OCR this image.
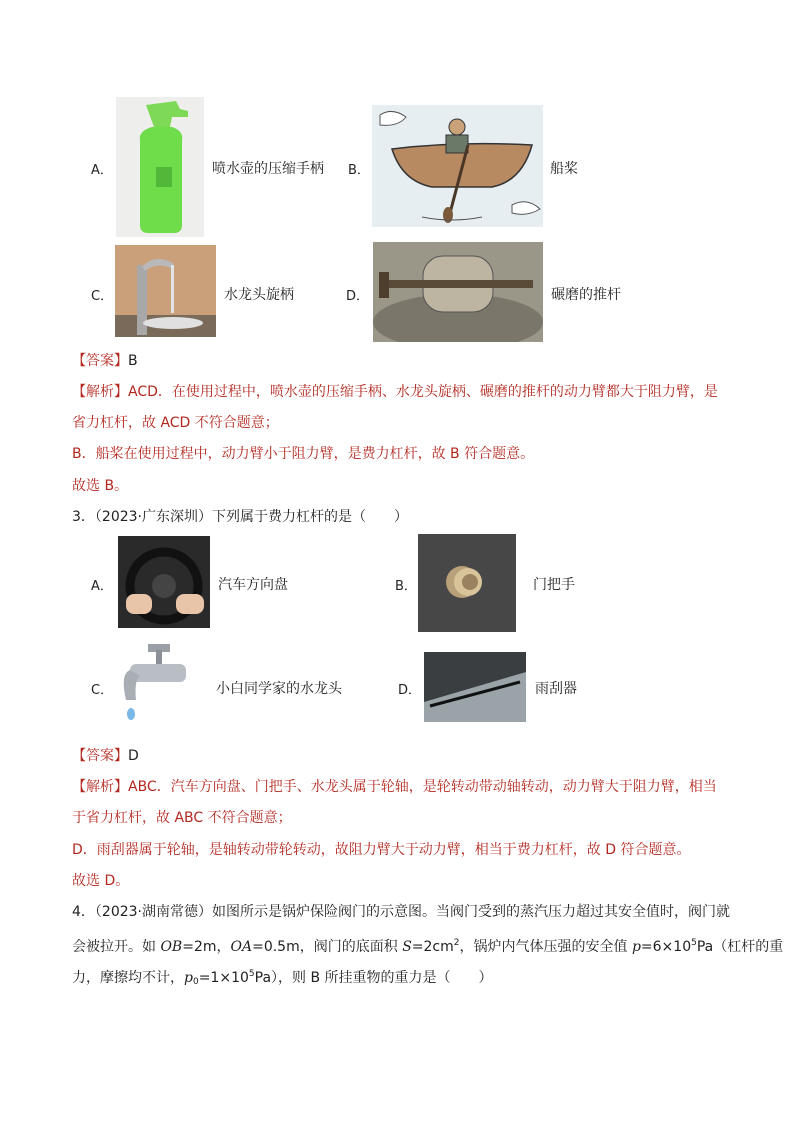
A．	喷水壶的压缩手柄 B．	船桨
C．	水龙头旋柄	D．	碾磨的推杆
【答案】B
【解析】ACD．在使用过程中，喷水壶的压缩手柄、水龙头旋柄、碾磨的推杆的动力臂都大于阻力臂，是
省力杠杆，故 ACD 不符合题意；
B．船桨在使用过程中，动力臂小于阻力臂，是费力杠杆，故 B 符合题意。
故选 B。
3．（2023·广东深圳）下列属于费力杠杆的是（　　）
A．	汽车方向盘	B．	门把手
C．	小白同学家的水龙头	D．	雨刮器
【答案】D
【解析】ABC．汽车方向盘、门把手、水龙头属于轮轴，是轮转动带动轴转动，动力臂大于阻力臂，相当
于省力杠杆，故 ABC 不符合题意；
D．雨刮器属于轮轴，是轴转动带轮转动，故阻力臂大于动力臂，相当于费力杠杆，故 D 符合题意。
故选 D。
4．（2023·湖南常德）如图所示是锅炉保险阀门的示意图。当阀门受到的蒸汽压力超过其安全值时，阀门就
会被拉开。如 OB=2m，OA=0.5m，阀门的底面积 $S=2cm^2$，锅炉内气体压强的安全值 $p=6\times 10^5Pa$（杠杆的重
力，摩擦均不计，$p_0=1\times 10^5Pa$），则 B 所挂重物的重力是（　　）
